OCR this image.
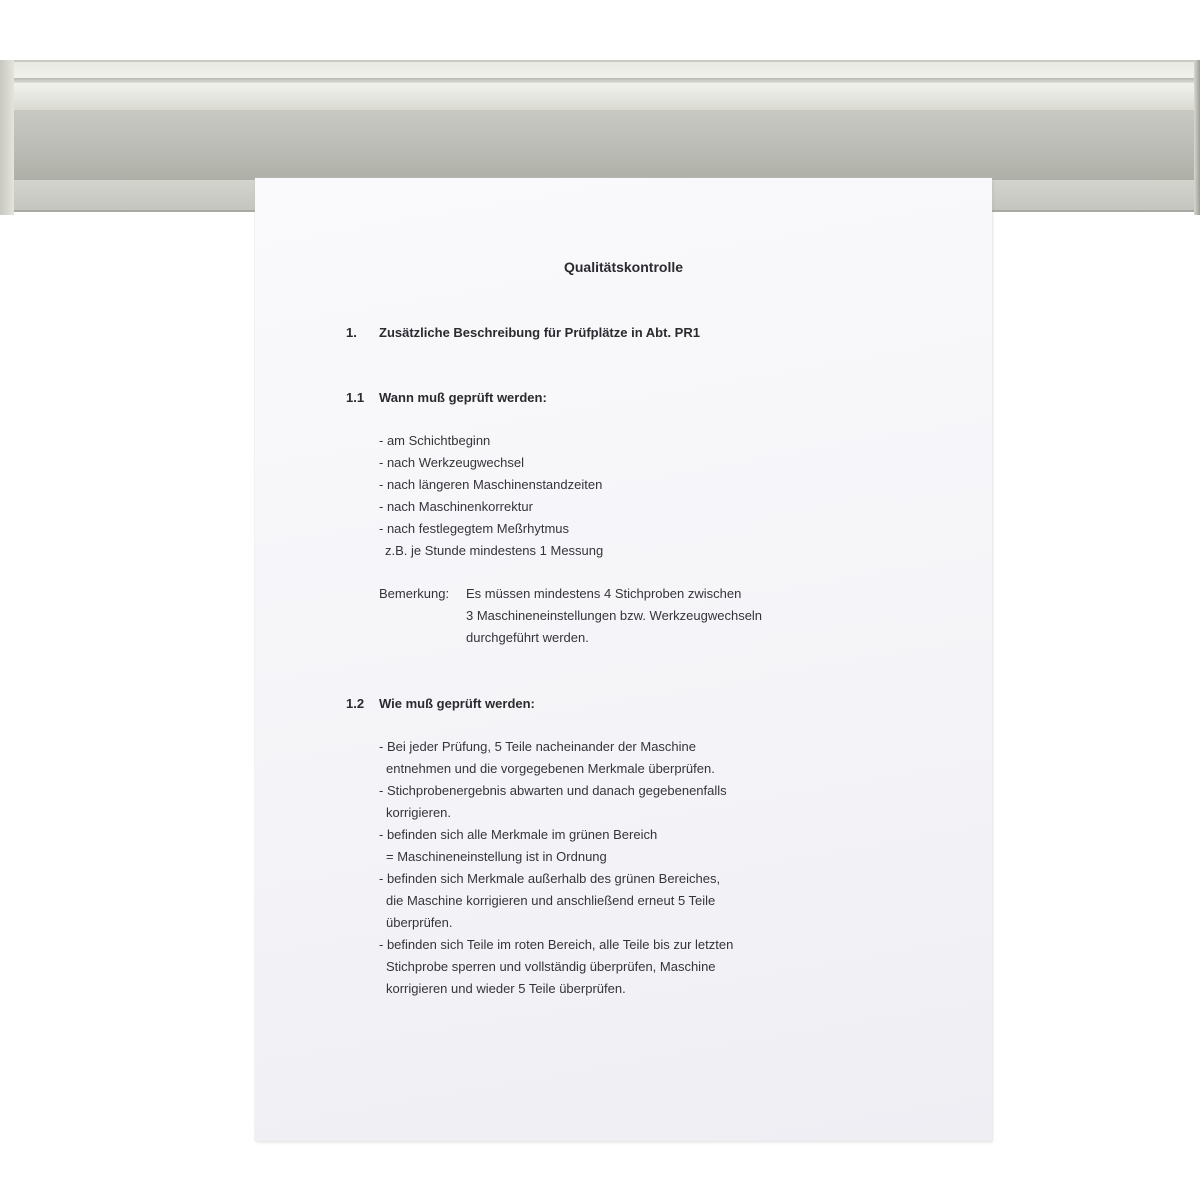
Qualitätskontrolle
1. Zusätzliche Beschreibung für Prüfplätze in Abt. PR1
1.1 Wann muß geprüft werden:
- am Schichtbeginn
- nach Werkzeugwechsel
- nach längeren Maschinenstandzeiten
- nach Maschinenkorrektur
- nach festlegegtem Meßrhytmus
z.B. je Stunde mindestens 1 Messung
Bemerkung: Es müssen mindestens 4 Stichproben zwischen
3 Maschineneinstellungen bzw. Werkzeugwechseln
durchgeführt werden.
1.2 Wie muß geprüft werden:
- Bei jeder Prüfung, 5 Teile nacheinander der Maschine
entnehmen und die vorgegebenen Merkmale überprüfen.
- Stichprobenergebnis abwarten und danach gegebenenfalls
korrigieren.
- befinden sich alle Merkmale im grünen Bereich
= Maschineneinstellung ist in Ordnung
- befinden sich Merkmale außerhalb des grünen Bereiches,
die Maschine korrigieren und anschließend erneut 5 Teile
überprüfen.
- befinden sich Teile im roten Bereich, alle Teile bis zur letzten
Stichprobe sperren und vollständig überprüfen, Maschine
korrigieren und wieder 5 Teile überprüfen.
